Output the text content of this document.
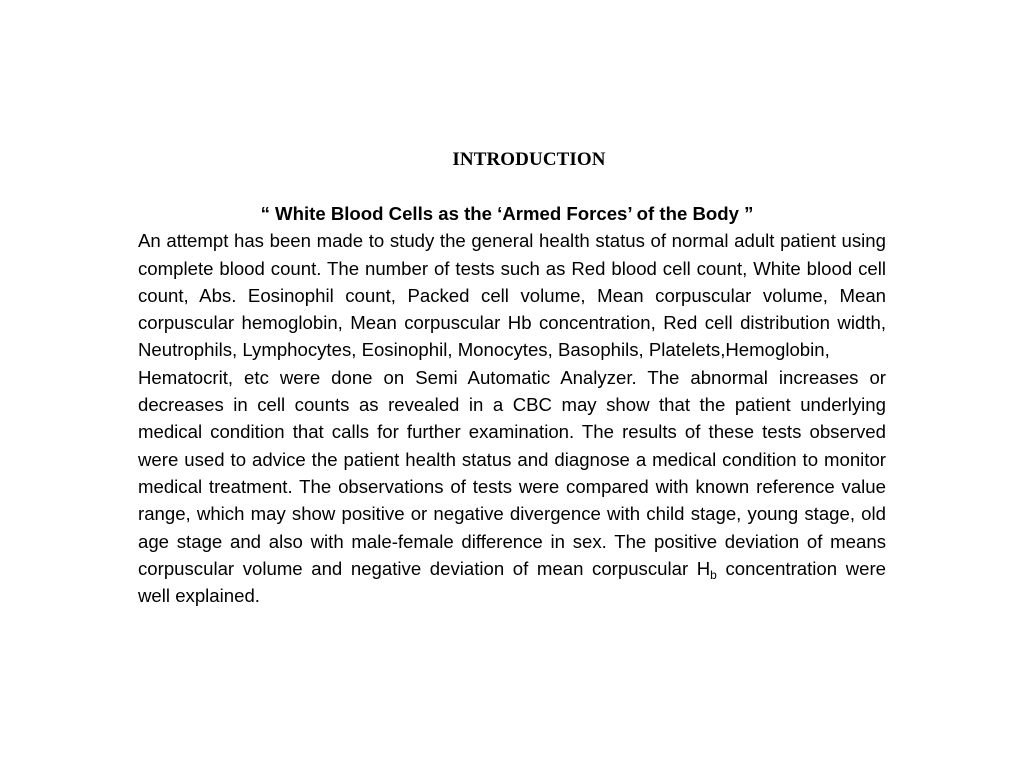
INTRODUCTION
“ White Blood Cells as the ‘Armed Forces’ of the Body ”

An attempt has been made to study the general health status of normal adult patient using complete blood count. The number of tests such as Red blood cell count, White blood cell count, Abs. Eosinophil count, Packed cell volume, Mean corpuscular volume, Mean corpuscular hemoglobin, Mean corpuscular Hb concentration, Red cell distribution width, Neutrophils, Lymphocytes, Eosinophil, Monocytes, Basophils, Platelets,Hemoglobin,

Hematocrit, etc were done on Semi Automatic Analyzer. The abnormal increases or decreases in cell counts as revealed in a CBC may show that the patient underlying medical condition that calls for further examination. The results of these tests observed were used to advice the patient health status and diagnose a medical condition to monitor medical treatment. The observations of tests were compared with known reference value range, which may show positive or negative divergence with child stage, young stage, old age stage and also with male-female difference in sex. The positive deviation of means corpuscular volume and negative deviation of mean corpuscular $H_b$ concentration were well explained.
